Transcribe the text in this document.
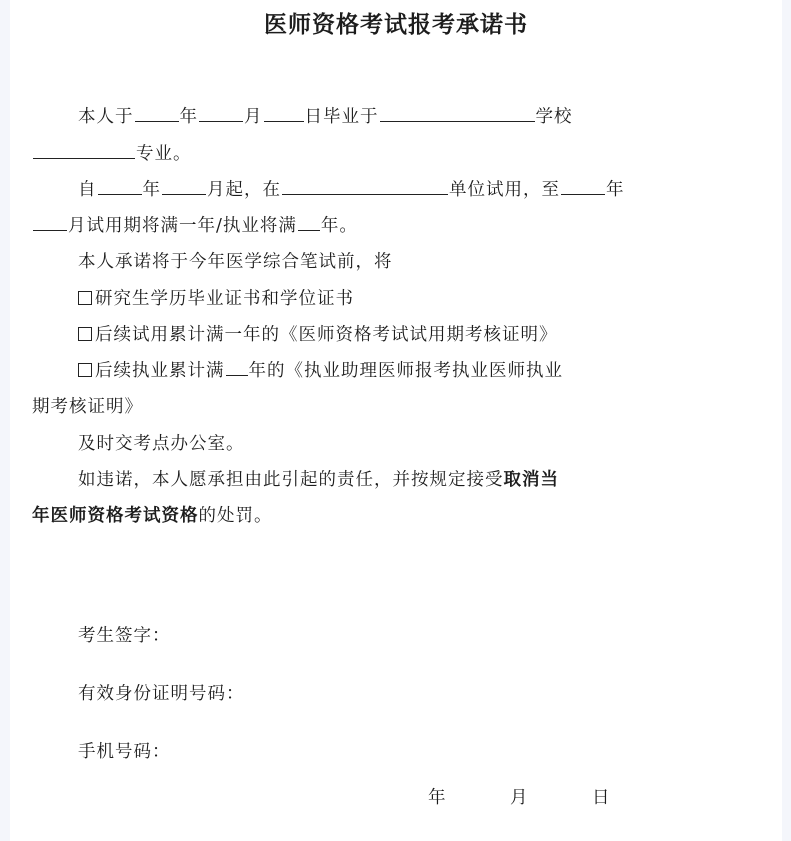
医师资格考试报考承诺书
本人于	年	月 日毕业于	学校
专业。
自	年	月起，在	单位试用，至	年
月试用期将满一年/执业将满 年。
本人承诺将于今年医学综合笔试前，将
研究生学历毕业证书和学位证书
后续试用累计满一年的《医师资格考试试用期考核证明》
后续执业累计满 年的《执业助理医师报考执业医师执业
期考核证明》
及时交考点办公室。
如违诺，本人愿承担由此引起的责任，并按规定接受取消当
年医师资格考试资格的处罚。
考生签字：
有效身份证明号码：
手机号码：
年	月	日
